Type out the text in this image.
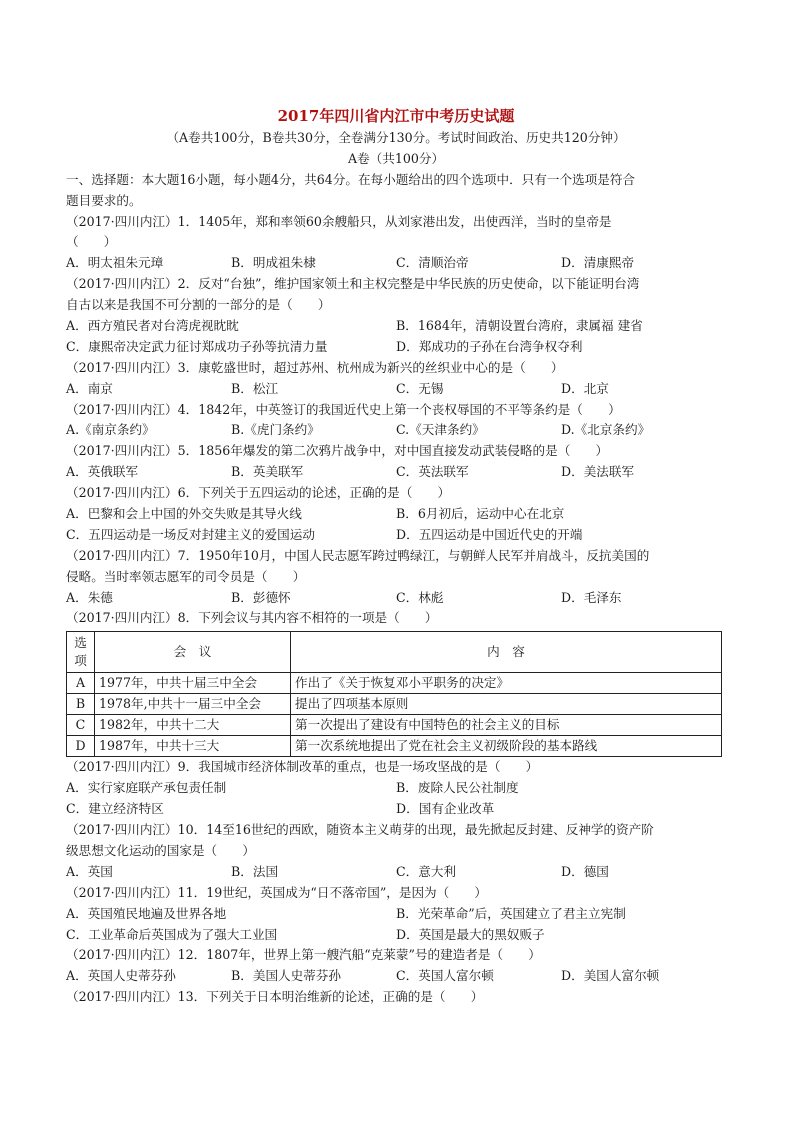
2017年四川省内江市中考历史试题
（A卷共100分，B卷共30分，全卷满分130分。考试时间政治、历史共120分钟）
A卷（共100分）
一、选择题：本大题16小题，每小题4分，共64分。在每小题给出的四个选项中．只有一个选项是符合
题目要求的。
（2017·四川内江）1．1405年，郑和率领60余艘船只，从刘家港出发，出使西洋，当时的皇帝是
（　　）
A．明太祖朱元璋	B．明成祖朱棣	C．清顺治帝	D．清康熙帝
（2017·四川内江）2．反对“台独”，维护国家领土和主权完整是中华民族的历史使命，以下能证明台湾
自古以来是我国不可分割的一部分的是（　　）
A．西方殖民者对台湾虎视眈眈	B．1684年，清朝设置台湾府，隶属福 建省
C．康熙帝决定武力征讨郑成功子孙等抗清力量	D．郑成功的子孙在台湾争权夺利
（2017·四川内江）3．康乾盛世时，超过苏州、杭州成为新兴的丝织业中心的是（　　）
A．南京	B．松江	C．无锡	D．北京
（2017·四川内江）4．1842年，中英签订的我国近代史上第一个丧权辱国的不平等条约是（　　）
A.《南京条约》	B.《虎门条约》	C.《天津条约》	D.《北京条约》
（2017·四川内江）5．1856年爆发的第二次鸦片战争中，对中国直接发动武装侵略的是（　　）
A．英俄联军	B．英美联军	C．英法联军	D．美法联军
（2017·四川内江）6．下列关于五四运动的论述，正确的是（　　）
A．巴黎和会上中国的外交失败是其导火线	B．6月初后，运动中心在北京
C．五四运动是一场反对封建主义的爱国运动	D．五四运动是中国近代史的开端
（2017·四川内江）7．1950年10月，中国人民志愿军跨过鸭绿江，与朝鲜人民军并肩战斗，反抗美国的
侵略。当时率领志愿军的司令员是（　　）
A．朱德	B．彭德怀	C．林彪	D．毛泽东
（2017·四川内江）8．下列会议与其内容不相符的一项是（　　）
选项	会　议	内　容
A	1977年，中共十届三中全会	作出了《关于恢复邓小平职务的决定》
B	1978年,中共十一届三中全会	提出了四项基本原则
C	1982年，中共十二大	第一次提出了建设有中国特色的社会主义的目标
D	1987年，中共十三大	第一次系统地提出了党在社会主义初级阶段的基本路线
（2017·四川内江）9．我国城市经济体制改革的重点，也是一场攻坚战的是（　　）
A．实行家庭联产承包责任制	B．废除人民公社制度
C．建立经济特区	D．国有企业改革
（2017·四川内江）10．14至16世纪的西欧，随资本主义萌芽的出现，最先掀起反封建、反神学的资产阶
级思想文化运动的国家是（　　）
A．英国	B．法国	C．意大利	D．德国
（2017·四川内江）11．19世纪，英国成为“日不落帝国”，是因为（　　）
A．英国殖民地遍及世界各地	B．光荣革命”后，英国建立了君主立宪制
C．工业革命后英国成为了强大工业国	D．英国是最大的黑奴贩子
（2017·四川内江）12．1807年，世界上第一艘汽船“克莱蒙”号的建造者是（　　）
A．英国人史蒂芬孙	B．美国人史蒂芬孙	C．英国人富尔顿	D．美国人富尔顿
（2017·四川内江）13．下列关于日本明治维新的论述，正确的是（　　）
